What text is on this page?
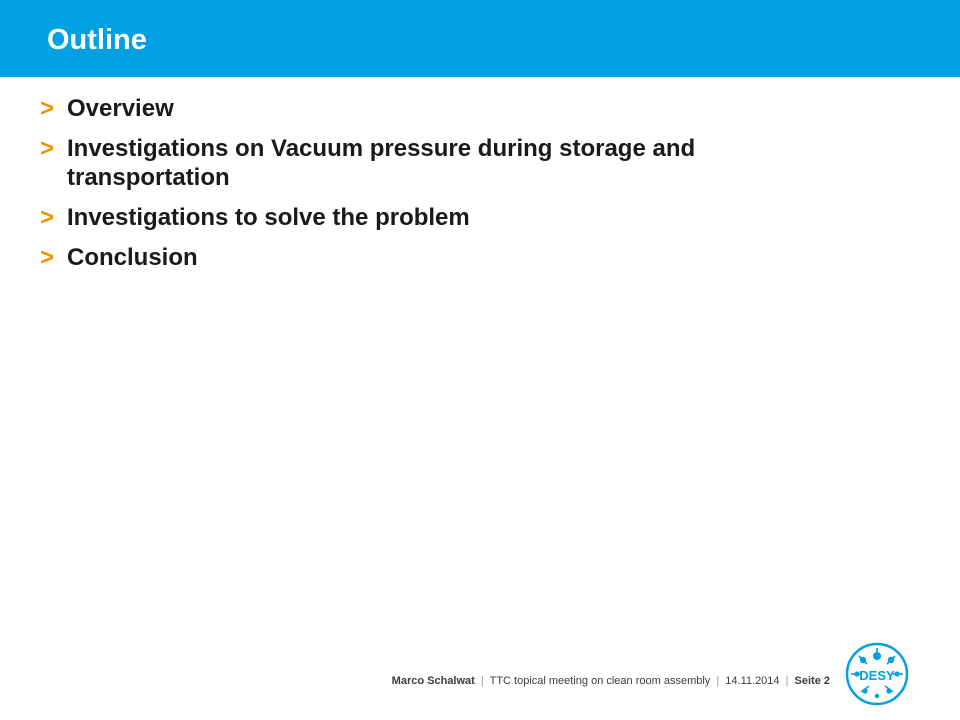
Outline
> Overview
> Investigations on Vacuum pressure during storage and transportation
> Investigations to solve the problem
> Conclusion
Marco Schalwat | TTC topical meeting on clean room assembly | 14.11.2014 | Seite 2 DESY
